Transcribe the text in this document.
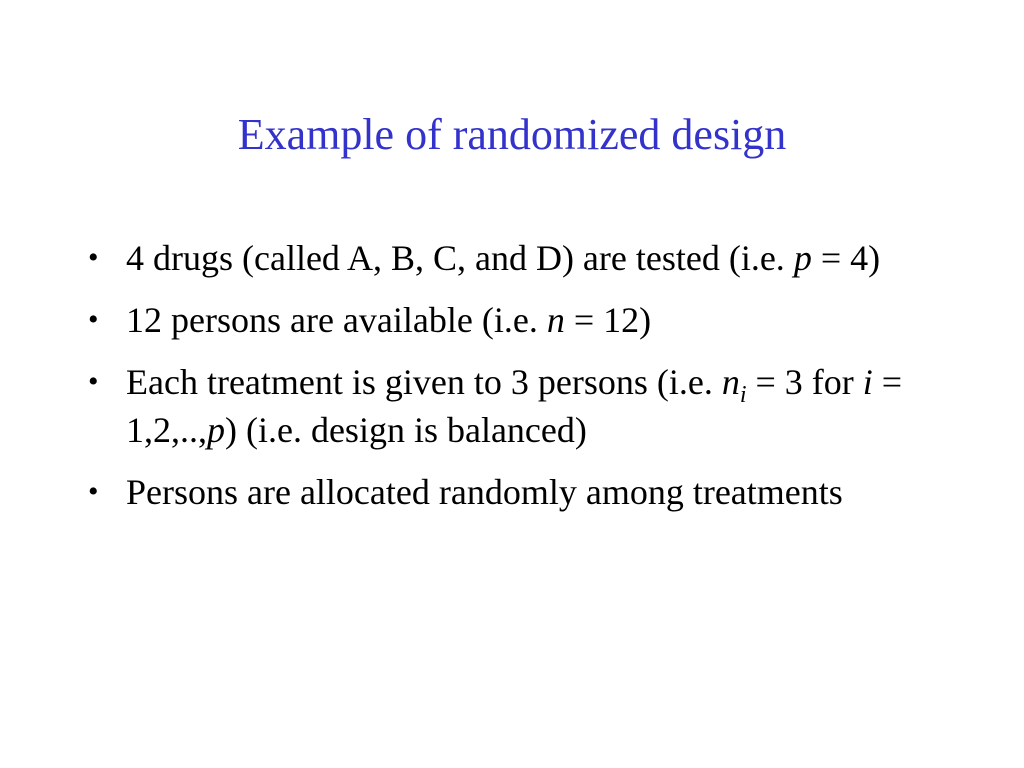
Example of randomized design
• 4 drugs (called A, B, C, and D) are tested (i.e. p = 4)
• 12 persons are available (i.e. n = 12)
• Each treatment is given to 3 persons (i.e. $n_i = 3$ for i = 1,2,..,p) (i.e. design is balanced)
• Persons are allocated randomly among treatments
